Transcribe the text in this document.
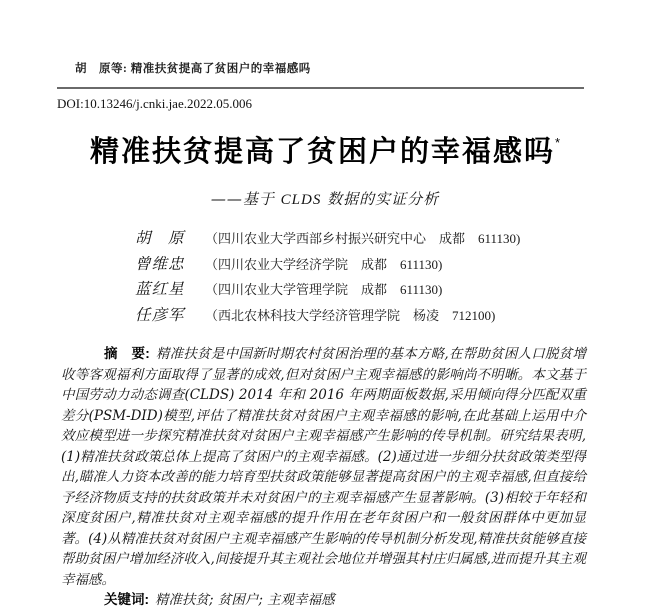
胡　原等: 精准扶贫提高了贫困户的幸福感吗
DOI:10.13246/j.cnki.jae.2022.05.006
精准扶贫提高了贫困户的幸福感吗*
——基于 CLDS 数据的实证分析
胡　原	（四川农业大学西部乡村振兴研究中心　成都　611130)
曾维忠	（四川农业大学经济学院　成都　611130)
蓝红星	（四川农业大学管理学院　成都　611130)
任彦军	（西北农林科技大学经济管理学院　杨凌　712100)

摘　要: 精准扶贫是中国新时期农村贫困治理的基本方略,在帮助贫困人口脱贫增收等客观福利方面取得了显著的成效,但对贫困户主观幸福感的影响尚不明晰。本文基于中国劳动力动态调查(CLDS) 2014 年和 2016 年两期面板数据,采用倾向得分匹配双重差分(PSM-DID)模型,评估了精准扶贫对贫困户主观幸福感的影响,在此基础上运用中介效应模型进一步探究精准扶贫对贫困户主观幸福感产生影响的传导机制。研究结果表明,(1)精准扶贫政策总体上提高了贫困户的主观幸福感。(2)通过进一步细分扶贫政策类型得出,瞄准人力资本改善的能力培育型扶贫政策能够显著提高贫困户的主观幸福感,但直接给予经济物质支持的扶贫政策并未对贫困户的主观幸福感产生显著影响。(3)相较于年轻和深度贫困户,精准扶贫对主观幸福感的提升作用在老年贫困户和一般贫困群体中更加显著。(4)从精准扶贫对贫困户主观幸福感产生影响的传导机制分析发现,精准扶贫能够直接帮助贫困户增加经济收入,间接提升其主观社会地位并增强其村庄归属感,进而提升其主观幸福感。

关键词: 精准扶贫; 贫困户; 主观幸福感
